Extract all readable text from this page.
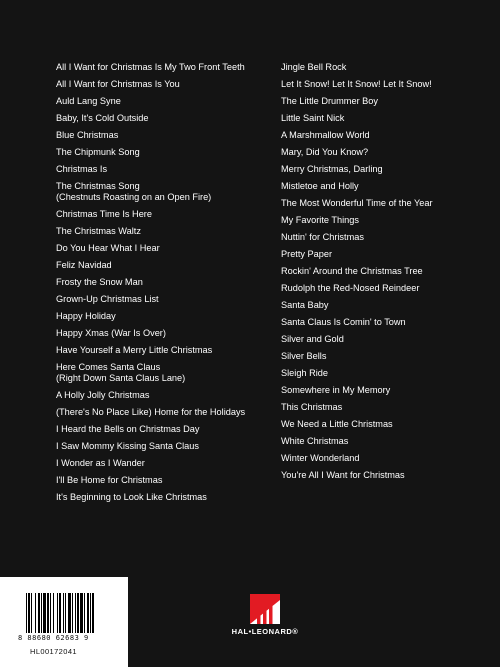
All I Want for Christmas Is My Two Front Teeth
All I Want for Christmas Is You
Auld Lang Syne
Baby, It's Cold Outside
Blue Christmas
The Chipmunk Song
Christmas Is
The Christmas Song
(Chestnuts Roasting on an Open Fire)
Christmas Time Is Here
The Christmas Waltz
Do You Hear What I Hear
Feliz Navidad
Frosty the Snow Man
Grown-Up Christmas List
Happy Holiday
Happy Xmas (War Is Over)
Have Yourself a Merry Little Christmas
Here Comes Santa Claus
(Right Down Santa Claus Lane)
A Holly Jolly Christmas
(There's No Place Like) Home for the Holidays
I Heard the Bells on Christmas Day
I Saw Mommy Kissing Santa Claus
I Wonder as I Wander
I'll Be Home for Christmas
It's Beginning to Look Like Christmas
Jingle Bell Rock
Let It Snow! Let It Snow! Let It Snow!
The Little Drummer Boy
Little Saint Nick
A Marshmallow World
Mary, Did You Know?
Merry Christmas, Darling
Mistletoe and Holly
The Most Wonderful Time of the Year
My Favorite Things
Nuttin' for Christmas
Pretty Paper
Rockin' Around the Christmas Tree
Rudolph the Red-Nosed Reindeer
Santa Baby
Santa Claus Is Comin' to Town
Silver and Gold
Silver Bells
Sleigh Ride
Somewhere in My Memory
This Christmas
We Need a Little Christmas
White Christmas
Winter Wonderland
You're All I Want for Christmas
8 88680 62683 9
HL00172041
HAL•LEONARD®
